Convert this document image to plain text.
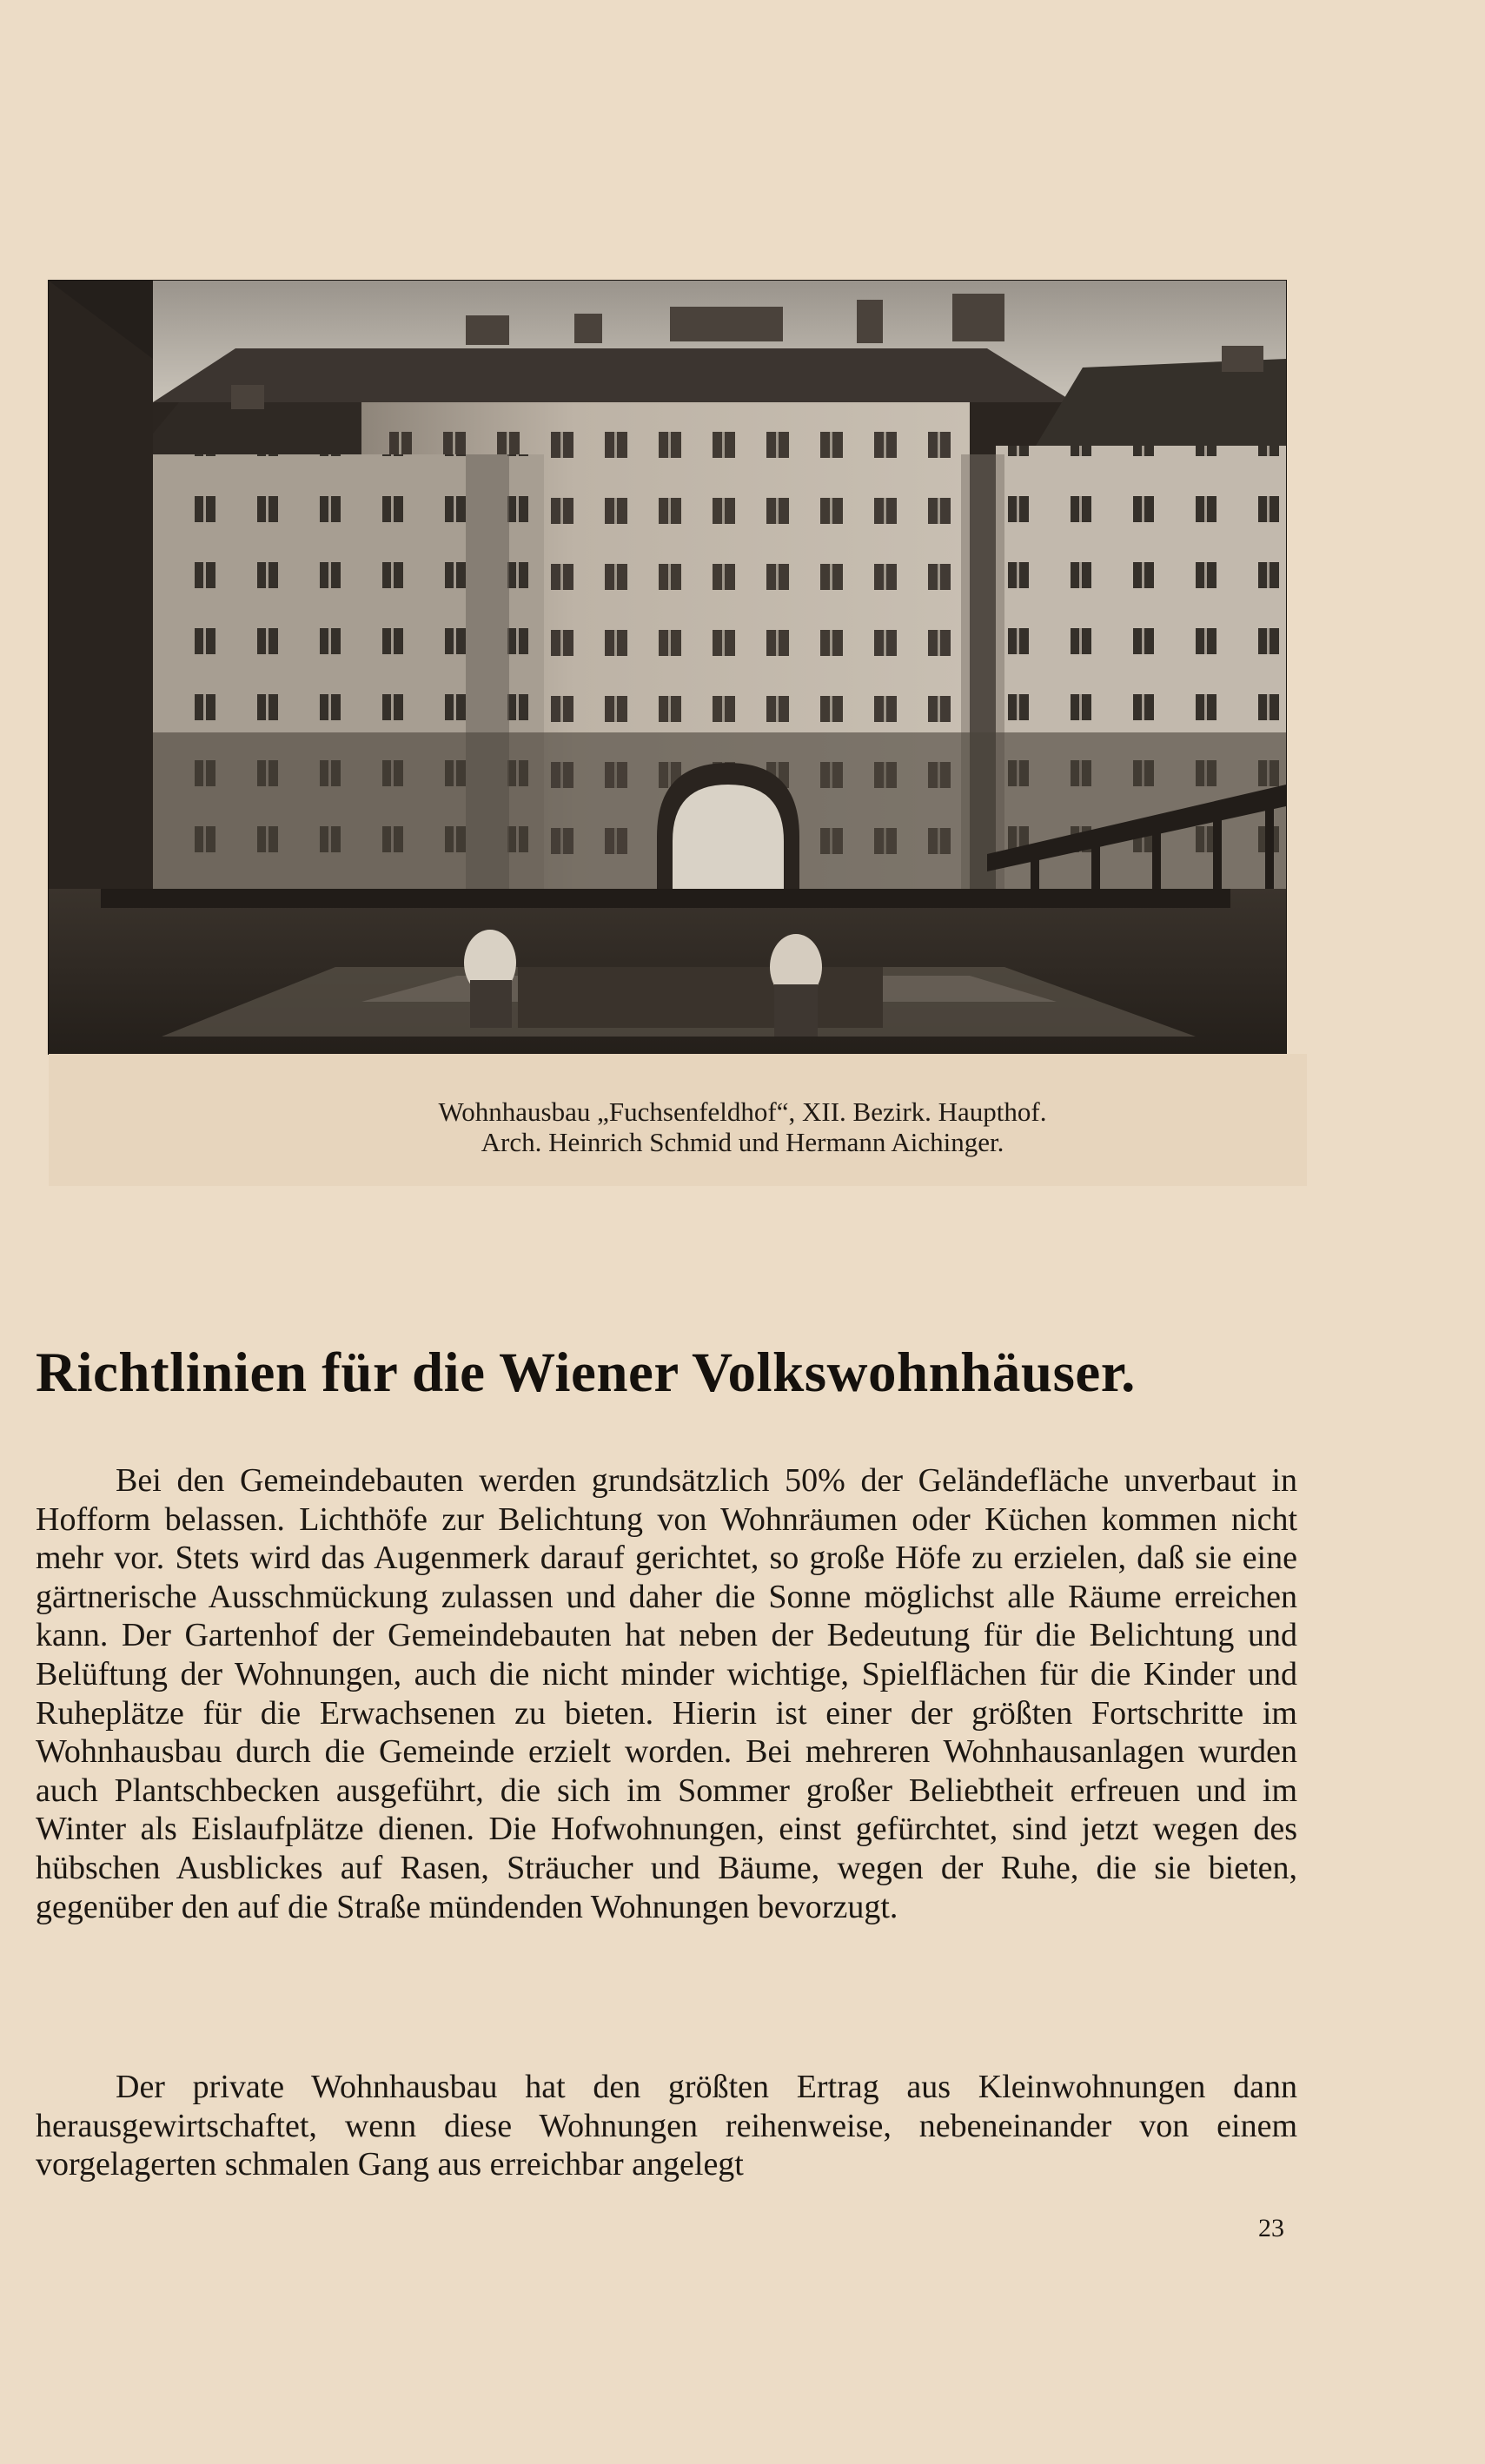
Wohnhausbau „Fuchsenfeldhof“, XII. Bezirk. Haupthof.
Arch. Heinrich Schmid und Hermann Aichinger.
Richtlinien für die Wiener Volkswohnhäuser.

Bei den Gemeindebauten werden grundsätzlich 50% der Geländefläche unverbaut in Hofform belassen. Lichthöfe zur Belichtung von Wohnräumen oder Küchen kommen nicht mehr vor. Stets wird das Augenmerk darauf gerichtet, so große Höfe zu erzielen, daß sie eine gärtnerische Ausschmückung zulassen und daher die Sonne möglichst alle Räume erreichen kann. Der Gartenhof der Gemeindebauten hat neben der Bedeutung für die Belichtung und Belüftung der Wohnungen, auch die nicht minder wichtige, Spielflächen für die Kinder und Ruheplätze für die Erwachsenen zu bieten. Hierin ist einer der größten Fortschritte im Wohnhausbau durch die Gemeinde erzielt worden. Bei mehreren Wohnhausanlagen wurden auch Plantschbecken ausgeführt, die sich im Sommer großer Beliebtheit erfreuen und im Winter als Eislaufplätze dienen. Die Hofwohnungen, einst gefürchtet, sind jetzt wegen des hübschen Ausblickes auf Rasen, Sträucher und Bäume, wegen der Ruhe, die sie bieten, gegenüber den auf die Straße mündenden Wohnungen bevorzugt.

Der private Wohnhausbau hat den größten Ertrag aus Kleinwohnungen dann herausgewirtschaftet, wenn diese Wohnungen reihenweise, nebeneinander von einem vorgelagerten schmalen Gang aus erreichbar angelegt

23
